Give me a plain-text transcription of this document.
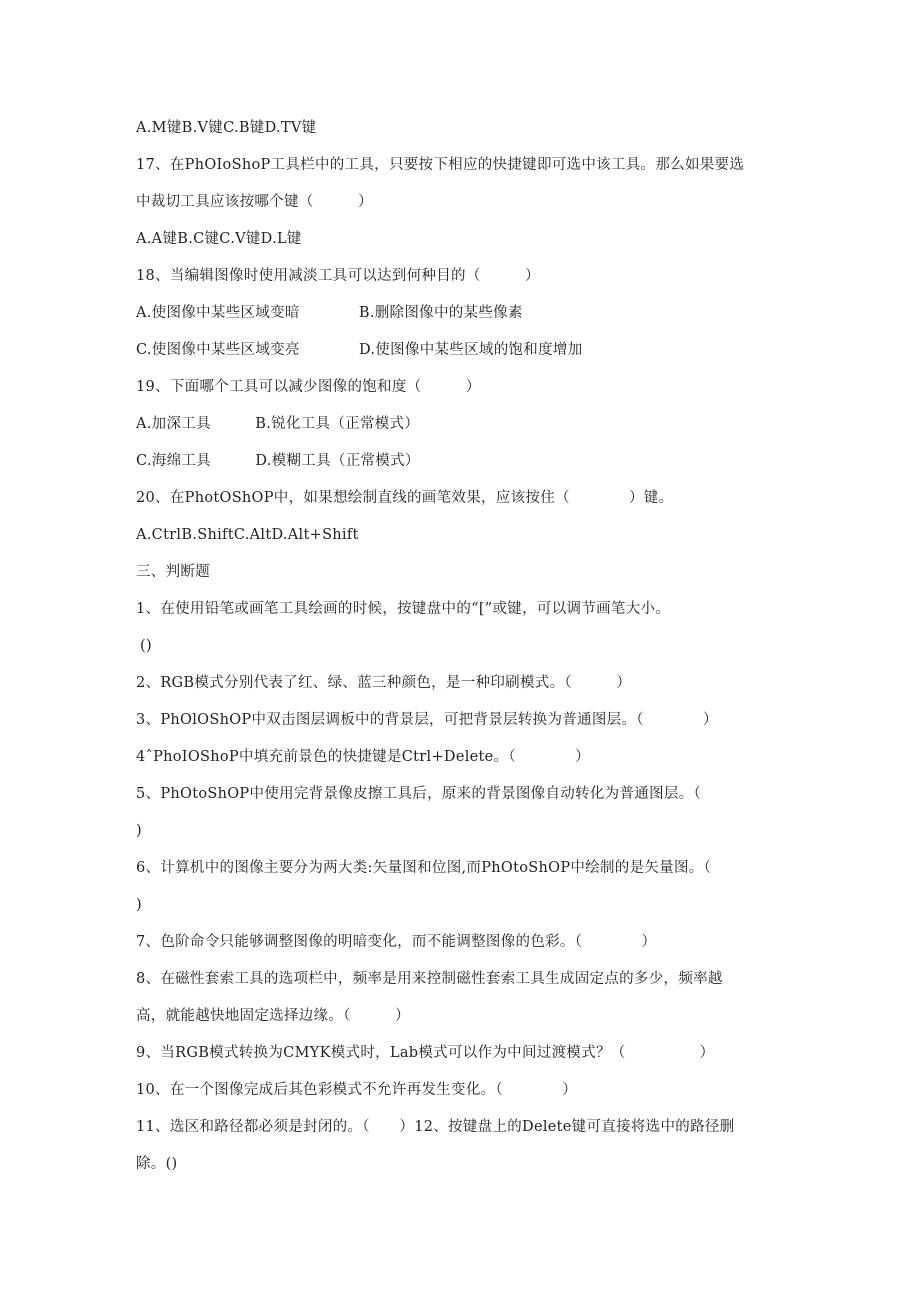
A.M键B.V键C.B键D.TV键
17、在PhOIoShoP工具栏中的工具，只要按下相应的快捷键即可选中该工具。那么如果要选
中裁切工具应该按哪个键（　　　）
A.A键B.C键C.V键D.L键
18、当编辑图像时使用减淡工具可以达到何种目的（　　　）
A.使图像中某些区域变暗　　　　B.删除图像中的某些像素
C.使图像中某些区域变亮　　　　D.使图像中某些区域的饱和度增加
19、下面哪个工具可以减少图像的饱和度（　　　）
A.加深工具　　　B.锐化工具（正常模式）
C.海绵工具　　　D.模糊工具（正常模式）
20、在PhotOShOP中，如果想绘制直线的画笔效果，应该按住（　　　　）键。
A.CtrlB.ShiftC.AltD.Alt+Shift
三、判断题
1、在使用铅笔或画笔工具绘画的时候，按键盘中的“[”或键，可以调节画笔大小。
()
2、RGB模式分别代表了红、绿、蓝三种颜色，是一种印刷模式。（　　　）
3、PhOlOShOP中双击图层调板中的背景层，可把背景层转换为普通图层。（　　　　）
4ˆPhoIOShoP中填充前景色的快捷键是Ctrl+Delete。（　　　　）
5、PhOtoShOP中使用完背景像皮擦工具后，原来的背景图像自动转化为普通图层。（
)
6、计算机中的图像主要分为两大类:矢量图和位图,而PhOtoShOP中绘制的是矢量图。（
)
7、色阶命令只能够调整图像的明暗变化，而不能调整图像的色彩。（　　　　）
8、在磁性套索工具的选项栏中，频率是用来控制磁性套索工具生成固定点的多少，频率越
高，就能越快地固定选择边缘。（　　　）
9、当RGB模式转换为CMYK模式时，Lab模式可以作为中间过渡模式？（　　　　　）
10、在一个图像完成后其色彩模式不允许再发生变化。（　　　　）
11、选区和路径都必须是封闭的。（　　）12、按键盘上的Delete键可直接将选中的路径删
除。()
